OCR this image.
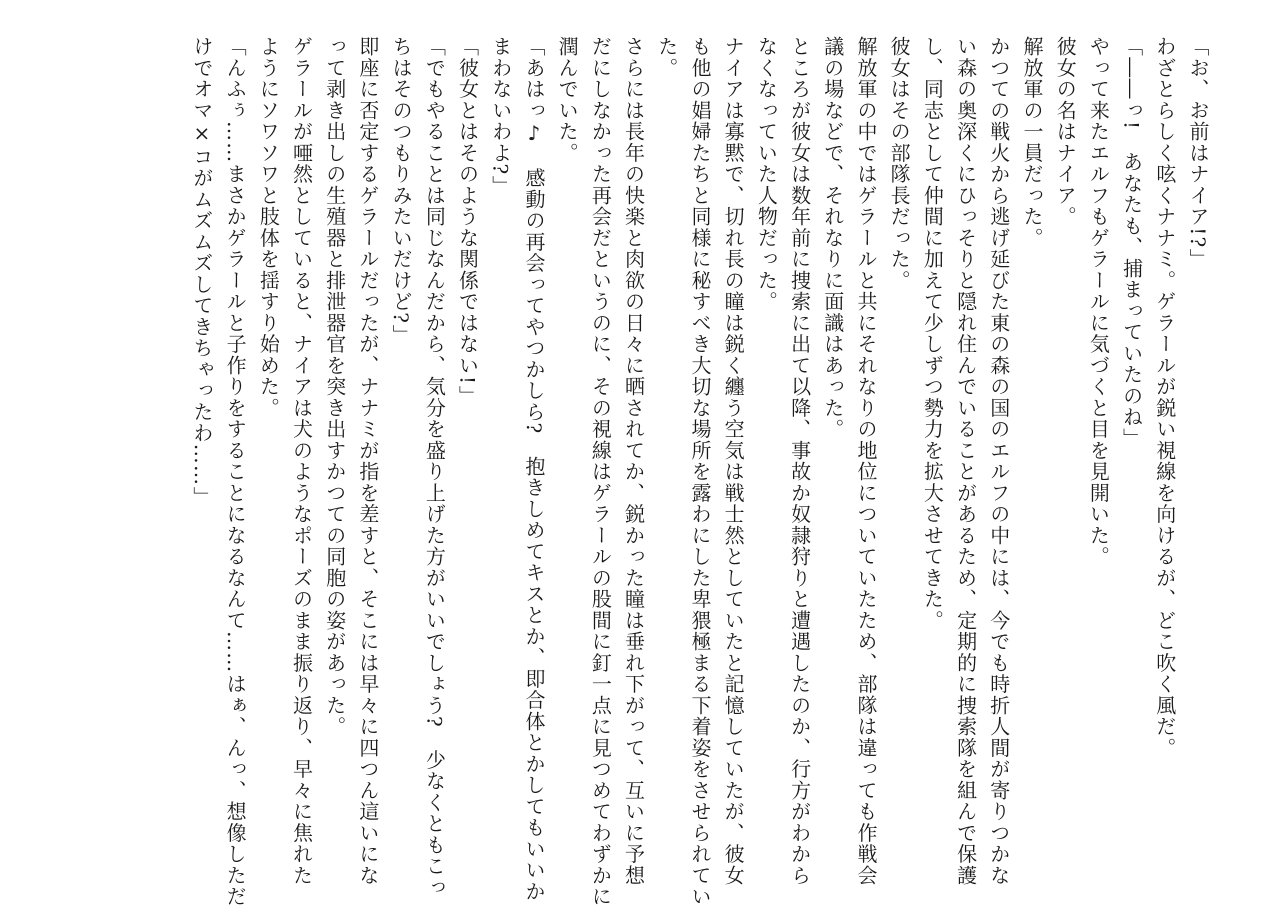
「お、お前はナイア!?」

わざとらしく呟くナナミ。ゲラールが鋭い視線を向けるが、どこ吹く風だ。

「――っ!　あなたも、捕まっていたのね」

やって来たエルフもゲラールに気づくと目を見開いた。

彼女の名はナイア。

解放軍の一員だった。

かつての戦火から逃げ延びた東の森の国のエルフの中には、今でも時折人間が寄りつかな

い森の奥深くにひっそりと隠れ住んでいることがあるため、定期的に捜索隊を組んで保護

し、同志として仲間に加えて少しずつ勢力を拡大させてきた。

彼女はその部隊長だった。

解放軍の中ではゲラールと共にそれなりの地位についていたため、部隊は違っても作戦会

議の場などで、それなりに面識はあった。

ところが彼女は数年前に捜索に出て以降、事故か奴隷狩りと遭遇したのか、行方がわから

なくなっていた人物だった。

ナイアは寡黙で、切れ長の瞳は鋭く纏う空気は戦士然としていたと記憶していたが、彼女

も他の娼婦たちと同様に秘すべき大切な場所を露わにした卑猥極まる下着姿をさせられてい

た。

さらには長年の快楽と肉欲の日々に晒されてか、鋭かった瞳は垂れ下がって、互いに予想

だにしなかった再会だというのに、その視線はゲラールの股間に釘一点に見つめてわずかに

潤んでいた。

「あはっ♪　感動の再会ってやつかしら?　抱きしめてキスとか、即合体とかしてもいいか

まわないわよ?」

「彼女とはそのような関係ではない!」

「でもやることは同じなんだから、気分を盛り上げた方がいいでしょう?　少なくともこっ

ちはそのつもりみたいだけど?」

即座に否定するゲラールだったが、ナナミが指を差すと、そこには早々に四つん這いにな

って剥き出しの生殖器と排泄器官を突き出すかつての同胞の姿があった。

ゲラールが唖然としていると、ナイアは犬のようなポーズのまま振り返り、早々に焦れた

ようにソワソワと肢体を揺すり始めた。

「んふぅ……まさかゲラールと子作りをすることになるなんて……はぁ、んっ、想像しただ

けでオマ×コがムズムズしてきちゃったわ……」
